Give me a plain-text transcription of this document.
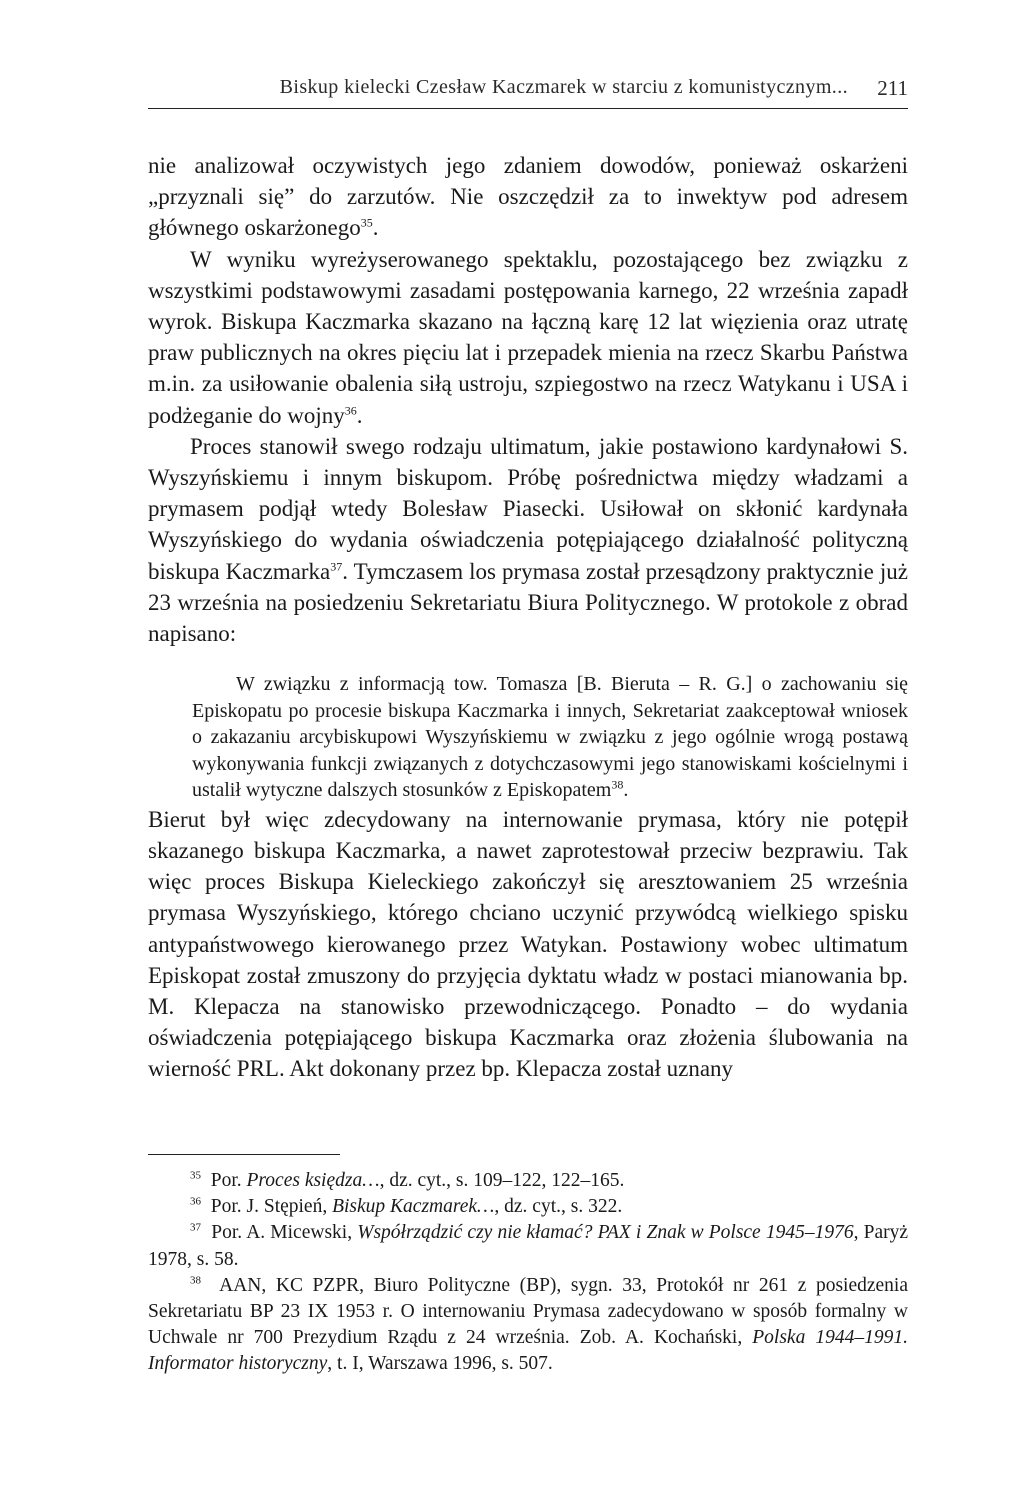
Biskup kielecki Czesław Kaczmarek w starciu z komunistycznym... 211

nie analizował oczywistych jego zdaniem dowodów, ponieważ oskarżeni „przyznali się” do zarzutów. Nie oszczędził za to inwektyw pod adresem głównego oskarżonego$^{35}$.

W wyniku wyreżyserowanego spektaklu, pozostającego bez związku z wszystkimi podstawowymi zasadami postępowania karnego, 22 września zapadł wyrok. Biskupa Kaczmarka skazano na łączną karę 12 lat więzienia oraz utratę praw publicznych na okres pięciu lat i przepadek mienia na rzecz Skarbu Państwa m.in. za usiłowanie obalenia siłą ustroju, szpiegostwo na rzecz Watykanu i USA i podżeganie do wojny$^{36}$.

Proces stanowił swego rodzaju ultimatum, jakie postawiono kardynałowi S. Wyszyńskiemu i innym biskupom. Próbę pośrednictwa między władzami a prymasem podjął wtedy Bolesław Piasecki. Usiłował on skłonić kardynała Wyszyńskiego do wydania oświadczenia potępiającego działalność polityczną biskupa Kaczmarka$^{37}$. Tymczasem los prymasa został przesądzony praktycznie już 23 września na posiedzeniu Sekretariatu Biura Politycznego. W protokole z obrad napisano:

W związku z informacją tow. Tomasza [B. Bieruta – R. G.] o zachowaniu się Episkopatu po procesie biskupa Kaczmarka i innych, Sekretariat zaakceptował wniosek o zakazaniu arcybiskupowi Wyszyńskiemu w związku z jego ogólnie wrogą postawą wykonywania funkcji związanych z dotychczasowymi jego stanowiskami kościelnymi i ustalił wytyczne dalszych stosunków z Episkopatem$^{38}$.

Bierut był więc zdecydowany na internowanie prymasa, który nie potępił skazanego biskupa Kaczmarka, a nawet zaprotestował przeciw bezprawiu. Tak więc proces Biskupa Kieleckiego zakończył się aresztowaniem 25 września prymasa Wyszyńskiego, którego chciano uczynić przywódcą wielkiego spisku antypaństwowego kierowanego przez Watykan. Postawiony wobec ultimatum Episkopat został zmuszony do przyjęcia dyktatu władz w postaci mianowania bp. M. Klepacza na stanowisko przewodniczącego. Ponadto – do wydania oświadczenia potępiającego biskupa Kaczmarka oraz złożenia ślubowania na wierność PRL. Akt dokonany przez bp. Klepacza został uznany

$^{35}$ Por. Proces księdza…, dz. cyt., s. 109–122, 122–165.

$^{36}$ Por. J. Stępień, Biskup Kaczmarek…, dz. cyt., s. 322.

$^{37}$ Por. A. Micewski, Współrządzić czy nie kłamać? PAX i Znak w Polsce 1945–1976, Paryż 1978, s. 58.

$^{38}$ AAN, KC PZPR, Biuro Polityczne (BP), sygn. 33, Protokół nr 261 z posiedzenia Sekretariatu BP 23 IX 1953 r. O internowaniu Prymasa zadecydowano w sposób formalny w Uchwale nr 700 Prezydium Rządu z 24 września. Zob. A. Kochański, Polska 1944–1991. Informator historyczny, t. I, Warszawa 1996, s. 507.
